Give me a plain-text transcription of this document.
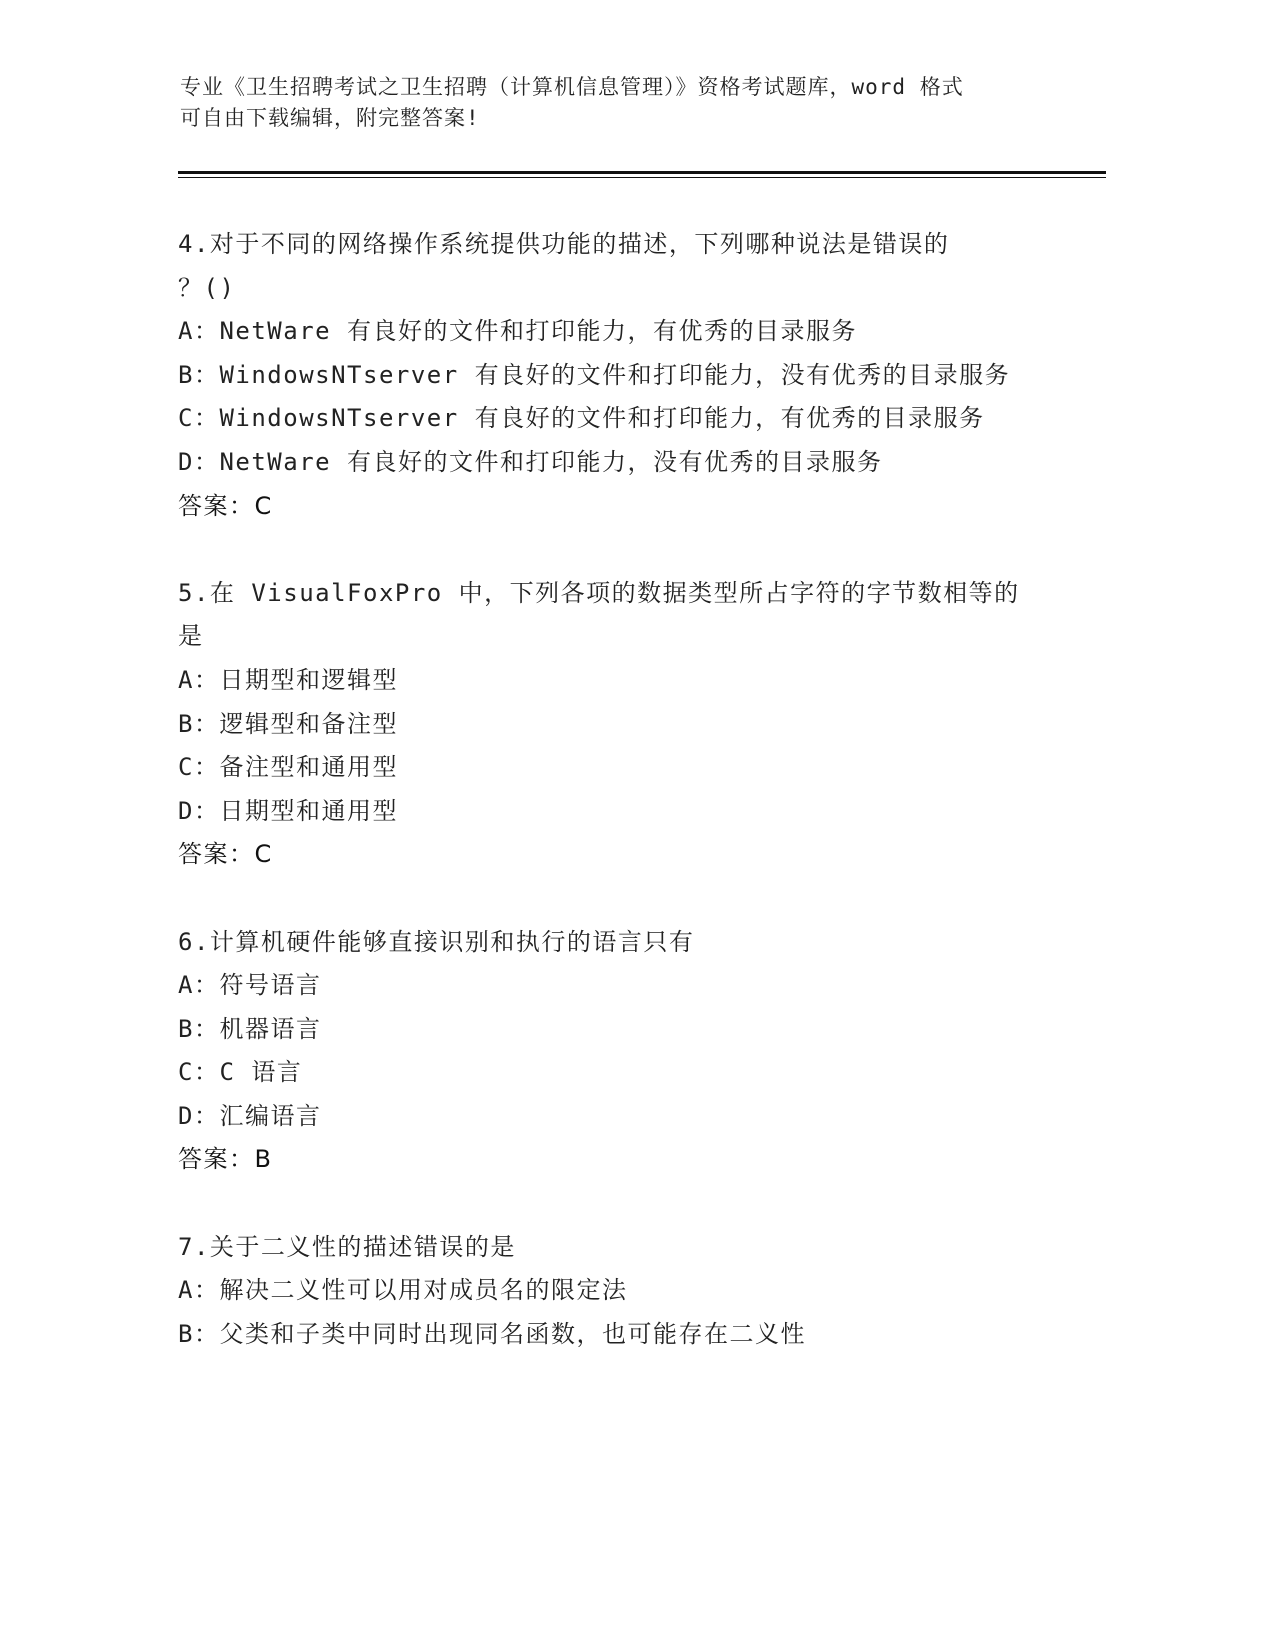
专业《卫生招聘考试之卫生招聘（计算机信息管理）》资格考试题库，word 格式
可自由下载编辑，附完整答案!
4.对于不同的网络操作系统提供功能的描述，下列哪种说法是错误的
？()
A：NetWare 有良好的文件和打印能力，有优秀的目录服务
B：WindowsNTserver 有良好的文件和打印能力，没有优秀的目录服务
C：WindowsNTserver 有良好的文件和打印能力，有优秀的目录服务
D：NetWare 有良好的文件和打印能力，没有优秀的目录服务
答案：C
5.在 VisualFoxPro 中，下列各项的数据类型所占字符的字节数相等的
是
A：日期型和逻辑型
B：逻辑型和备注型
C：备注型和通用型
D：日期型和通用型
答案：C
6.计算机硬件能够直接识别和执行的语言只有
A：符号语言
B：机器语言
C：C 语言
D：汇编语言
答案：B
7.关于二义性的描述错误的是
A：解决二义性可以用对成员名的限定法
B：父类和子类中同时出现同名函数，也可能存在二义性
